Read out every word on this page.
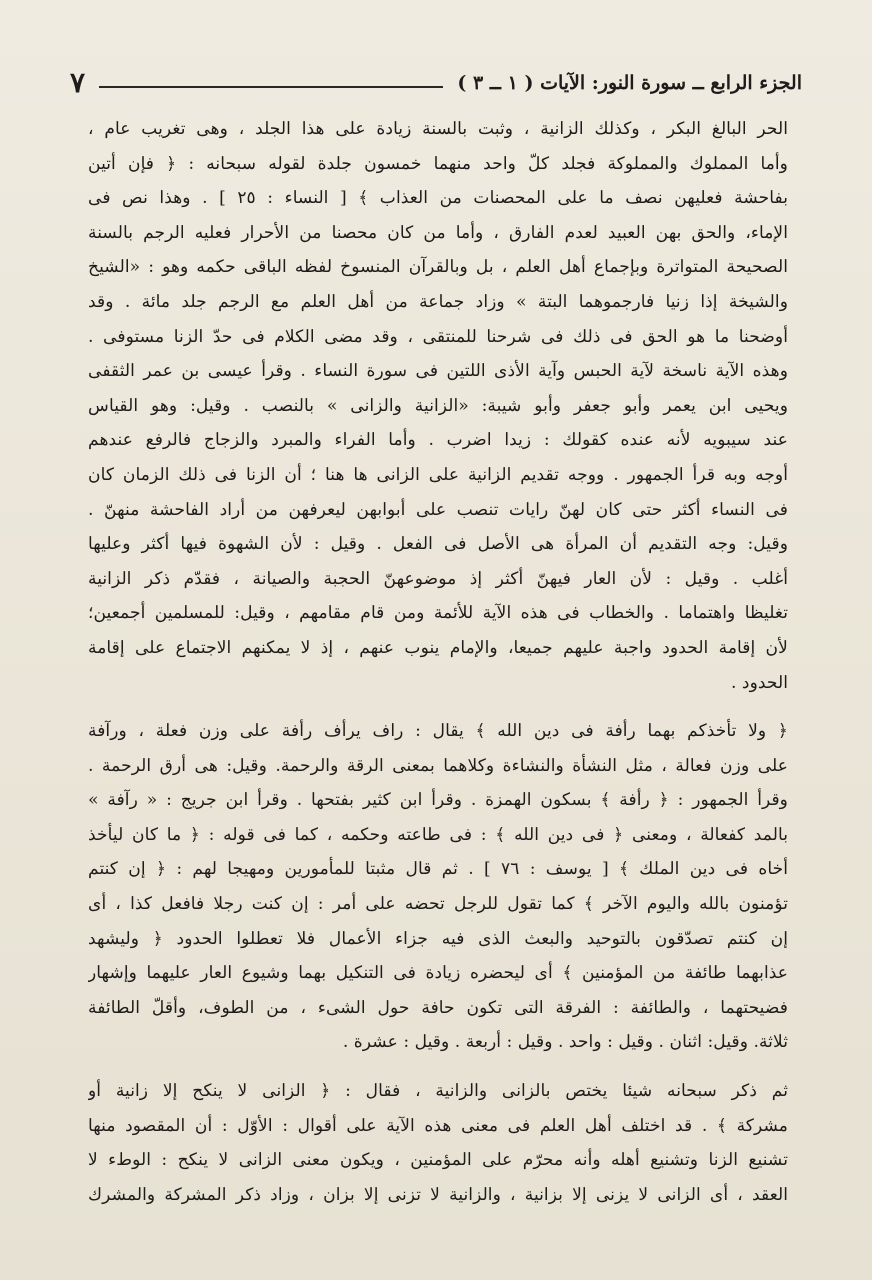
الجزء الرابع ــ سورة النور: الآيات ( ١ ــ ٣ )
٧
الحر البالغ البكر ، وكذلك الزانية ، وثبت بالسنة زيادة على هذا الجلد ، وهى تغريب عام ،
وأما المملوك والمملوكة فجلد كلّ واحد منهما خمسون جلدة لقوله سبحانه : ﴿ فإن أتين
بفاحشة فعليهن نصف ما على المحصنات من العذاب ﴾ [ النساء : ٢٥ ] . وهذا نص فى
الإماء، والحق بهن العبيد لعدم الفارق ، وأما من كان محصنا من الأحرار فعليه الرجم بالسنة
الصحيحة المتواترة وبإجماع أهل العلم ، بل وبالقرآن المنسوخ لفظه الباقى حكمه وهو : «الشيخ
والشيخة إذا زنيا فارجموهما البتة » وزاد جماعة من أهل العلم مع الرجم جلد مائة . وقد
أوضحنا ما هو الحق فى ذلك فى شرحنا للمنتقى ، وقد مضى الكلام فى حدّ الزنا مستوفى .
وهذه الآية ناسخة لآية الحبس وآية الأذى اللتين فى سورة النساء . وقرأ عيسى بن عمر الثقفى
ويحيى ابن يعمر وأبو جعفر وأبو شيبة: «الزانية والزانى » بالنصب . وقيل: وهو القياس
عند سيبويه لأنه عنده كقولك : زيدا اضرب . وأما الفراء والمبرد والزجاج فالرفع عندهم
أوجه وبه قرأ الجمهور . ووجه تقديم الزانية على الزانى ها هنا ؛ أن الزنا فى ذلك الزمان كان
فى النساء أكثر حتى كان لهنّ رايات تنصب على أبوابهن ليعرفهن من أراد الفاحشة منهنّ .
وقيل: وجه التقديم أن المرأة هى الأصل فى الفعل . وقيل : لأن الشهوة فيها أكثر وعليها
أغلب . وقيل : لأن العار فيهنّ أكثر إذ موضوعهنّ الحجبة والصيانة ، فقدّم ذكر الزانية
تغليظا واهتماما . والخطاب فى هذه الآية للأئمة ومن قام مقامهم ، وقيل: للمسلمين أجمعين؛
لأن إقامة الحدود واجبة عليهم جميعا، والإمام ينوب عنهم ، إذ لا يمكنهم الاجتماع على إقامة
الحدود .
﴿ ولا تأخذكم بهما رأفة فى دين الله ﴾ يقال : راف يرأف رأفة على وزن فعلة ، ورآفة
على وزن فعالة ، مثل النشأة والنشاءة وكلاهما بمعنى الرقة والرحمة. وقيل: هى أرق الرحمة .
وقرأ الجمهور : ﴿ رأفة ﴾ بسكون الهمزة . وقرأ ابن كثير بفتحها . وقرأ ابن جريج : « رآفة »
بالمد كفعالة ، ومعنى ﴿ فى دين الله ﴾ : فى طاعته وحكمه ، كما فى قوله : ﴿ ما كان ليأخذ
أخاه فى دين الملك ﴾ [ يوسف : ٧٦ ] . ثم قال مثبتا للمأمورين ومهيجا لهم : ﴿ إن كنتم
تؤمنون بالله واليوم الآخر ﴾ كما تقول للرجل تحضه على أمر : إن كنت رجلا فافعل كذا ، أى
إن كنتم تصدّقون بالتوحيد والبعث الذى فيه جزاء الأعمال فلا تعطلوا الحدود ﴿ وليشهد
عذابهما طائفة من المؤمنين ﴾ أى ليحضره زيادة فى التنكيل بهما وشيوع العار عليهما وإشهار
فضيحتهما ، والطائفة : الفرقة التى تكون حافة حول الشىء ، من الطوف، وأقلّ الطائفة
ثلاثة. وقيل: اثنان . وقيل : واحد . وقيل : أربعة . وقيل : عشرة .
ثم ذكر سبحانه شيئا يختص بالزانى والزانية ، فقال : ﴿ الزانى لا ينكح إلا زانية أو
مشركة ﴾ . قد اختلف أهل العلم فى معنى هذه الآية على أقوال : الأوّل : أن المقصود منها
تشنيع الزنا وتشنيع أهله وأنه محرّم على المؤمنين ، ويكون معنى الزانى لا ينكح : الوطء لا
العقد ، أى الزانى لا يزنى إلا بزانية ، والزانية لا تزنى إلا بزان ، وزاد ذكر المشركة والمشرك
